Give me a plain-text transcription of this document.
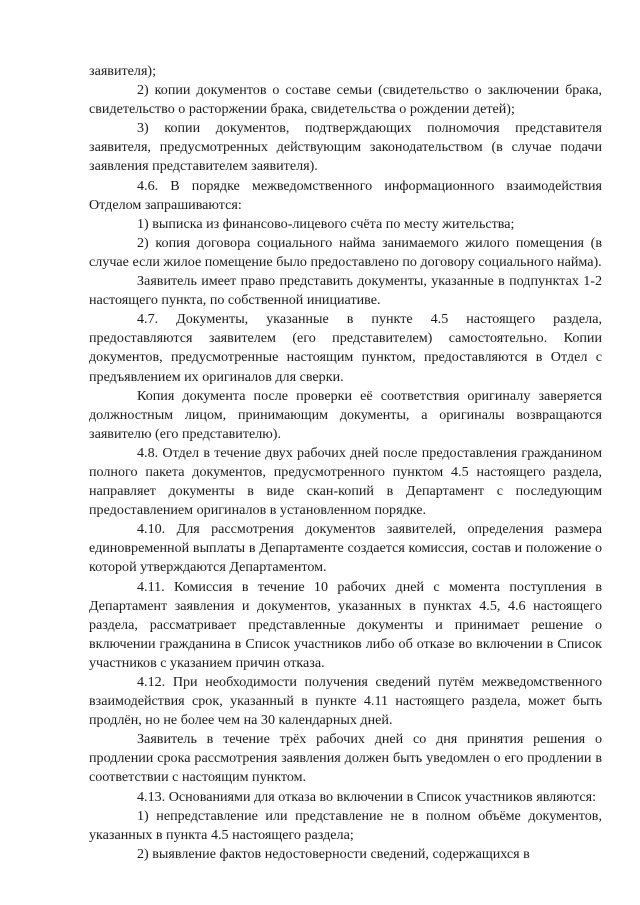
заявителя);

2) копии документов о составе семьи (свидетельство о заключении брака, свидетельство о расторжении брака, свидетельства о рождении детей);

3) копии документов, подтверждающих полномочия представителя заявителя, предусмотренных действующим законодательством (в случае подачи заявления представителем заявителя).

4.6. В порядке межведомственного информационного взаимодействия Отделом запрашиваются:

1) выписка из финансово-лицевого счёта по месту жительства;

2) копия договора социального найма занимаемого жилого помещения (в случае если жилое помещение было предоставлено по договору социального найма).

Заявитель имеет право представить документы, указанные в подпунктах 1-2 настоящего пункта, по собственной инициативе.

4.7. Документы, указанные в пункте 4.5 настоящего раздела, предоставляются заявителем (его представителем) самостоятельно. Копии документов, предусмотренные настоящим пунктом, предоставляются в Отдел с предъявлением их оригиналов для сверки.

Копия документа после проверки её соответствия оригиналу заверяется должностным лицом, принимающим документы, а оригиналы возвращаются заявителю (его представителю).

4.8. Отдел в течение двух рабочих дней после предоставления гражданином полного пакета документов, предусмотренного пунктом 4.5 настоящего раздела, направляет документы в виде скан-копий в Департамент с последующим предоставлением оригиналов в установленном порядке.

4.10. Для рассмотрения документов заявителей, определения размера единовременной выплаты в Департаменте создается комиссия, состав и положение о которой утверждаются Департаментом.

4.11. Комиссия в течение 10 рабочих дней с момента поступления в Департамент заявления и документов, указанных в пунктах 4.5, 4.6 настоящего раздела, рассматривает представленные документы и принимает решение о включении гражданина в Список участников либо об отказе во включении в Список участников с указанием причин отказа.

4.12. При необходимости получения сведений путём межведомственного взаимодействия срок, указанный в пункте 4.11 настоящего раздела, может быть продлён, но не более чем на 30 календарных дней.

Заявитель в течение трёх рабочих дней со дня принятия решения о продлении срока рассмотрения заявления должен быть уведомлен о его продлении в соответствии с настоящим пунктом.

4.13. Основаниями для отказа во включении в Список участников являются:

1) непредставление или представление не в полном объёме документов, указанных в пункта 4.5 настоящего раздела;

2) выявление фактов недостоверности сведений, содержащихся в
